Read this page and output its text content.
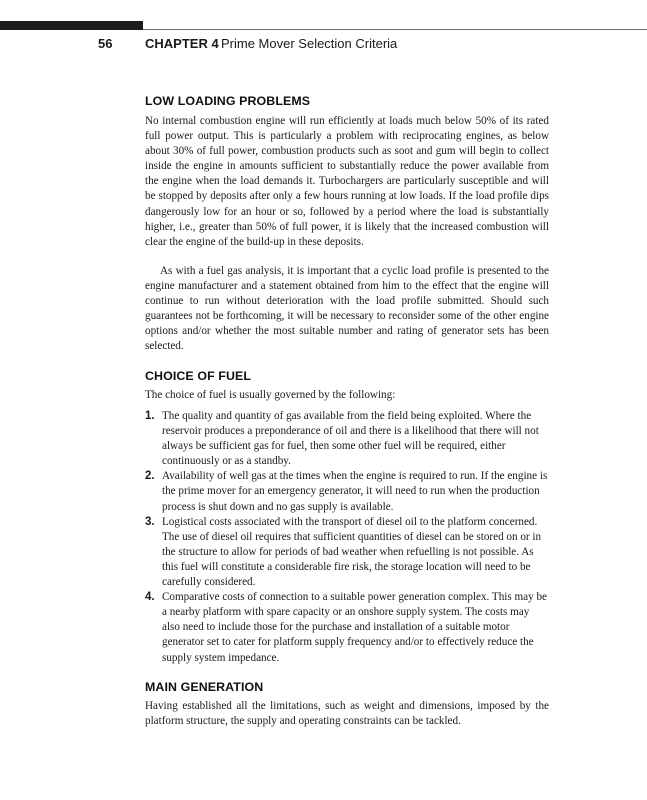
56	CHAPTER 4 Prime Mover Selection Criteria
LOW LOADING PROBLEMS

No internal combustion engine will run efficiently at loads much below 50% of its rated full power output. This is particularly a problem with reciprocating engines, as below about 30% of full power, combustion products such as soot and gum will begin to collect inside the engine in amounts sufficient to substantially reduce the power available from the engine when the load demands it. Turbochargers are particularly susceptible and will be stopped by deposits after only a few hours running at low loads. If the load profile dips dangerously low for an hour or so, followed by a period where the load is substantially higher, i.e., greater than 50% of full power, it is likely that the increased combustion will clear the engine of the build-up in these deposits.

As with a fuel gas analysis, it is important that a cyclic load profile is presented to the engine manufacturer and a statement obtained from him to the effect that the engine will continue to run without deterioration with the load profile submitted. Should such guarantees not be forthcoming, it will be necessary to reconsider some of the other engine options and/or whether the most suitable number and rating of generator sets has been selected.

CHOICE OF FUEL

The choice of fuel is usually governed by the following:

1. The quality and quantity of gas available from the field being exploited. Where the reservoir produces a preponderance of oil and there is a likelihood that there will not always be sufficient gas for fuel, then some other fuel will be required, either continuously or as a standby.
2. Availability of well gas at the times when the engine is required to run. If the engine is the prime mover for an emergency generator, it will need to run when the production process is shut down and no gas supply is available.
3. Logistical costs associated with the transport of diesel oil to the platform concerned. The use of diesel oil requires that sufficient quantities of diesel can be stored on or in the structure to allow for periods of bad weather when refuelling is not possible. As this fuel will constitute a considerable fire risk, the storage location will need to be carefully considered.
4. Comparative costs of connection to a suitable power generation complex. This may be a nearby platform with spare capacity or an onshore supply system. The costs may also need to include those for the purchase and installation of a suitable motor generator set to cater for platform supply frequency and/or to effectively reduce the supply system impedance.
MAIN GENERATION

Having established all the limitations, such as weight and dimensions, imposed by the platform structure, the supply and operating constraints can be tackled.
